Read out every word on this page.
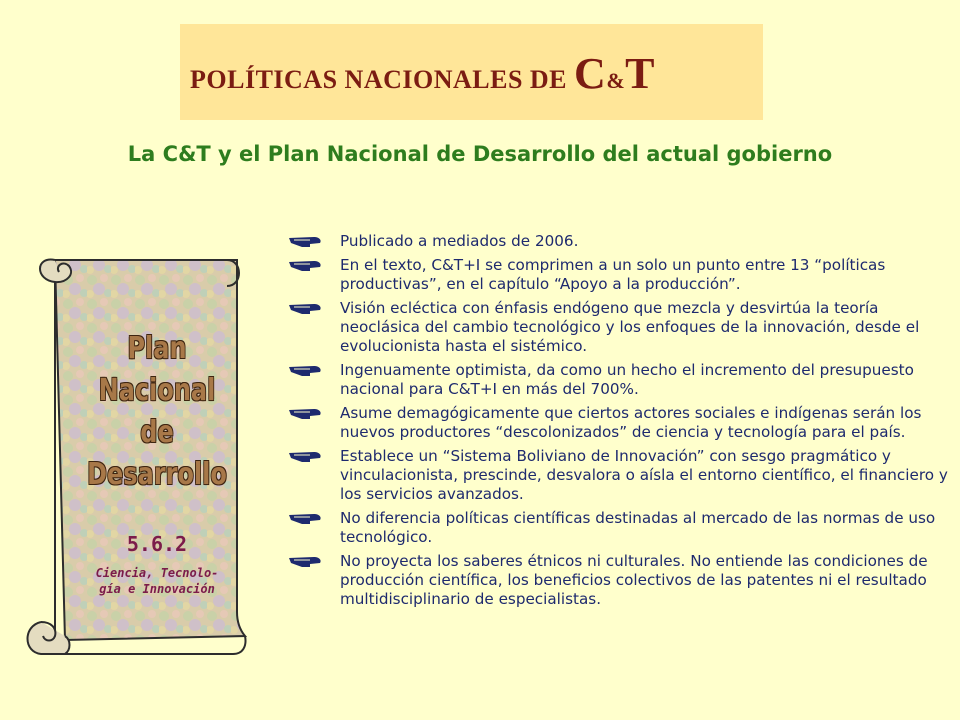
POLÍTICAS NACIONALES DE C&T
La C&T y el Plan Nacional de Desarrollo del actual gobierno
Plan
Nacional
de
Desarrollo
5.6.2
Ciencia, Tecnolo-
gía e Innovación
Publicado a mediados de 2006.
En el texto, C&T+I se comprimen a un solo un punto entre 13 “políticas productivas”, en el capítulo “Apoyo a la producción”.
Visión ecléctica con énfasis endógeno que mezcla y desvirtúa la teoría neoclásica del cambio tecnológico y los enfoques de la innovación, desde el evolucionista hasta el sistémico.
Ingenuamente optimista, da como un hecho el incremento del presupuesto nacional para C&T+I en más del 700%.
Asume demagógicamente que ciertos actores sociales e indígenas serán los nuevos productores “descolonizados” de ciencia y tecnología para el país.
Establece un “Sistema Boliviano de Innovación” con sesgo pragmático y vinculacionista, prescinde, desvalora o aísla el entorno científico, el financiero y los servicios avanzados.
No diferencia políticas científicas destinadas al mercado de las normas de uso tecnológico.
No proyecta los saberes étnicos ni culturales. No entiende las condiciones de producción científica, los beneficios colectivos de las patentes ni el resultado multidisciplinario de especialistas.
